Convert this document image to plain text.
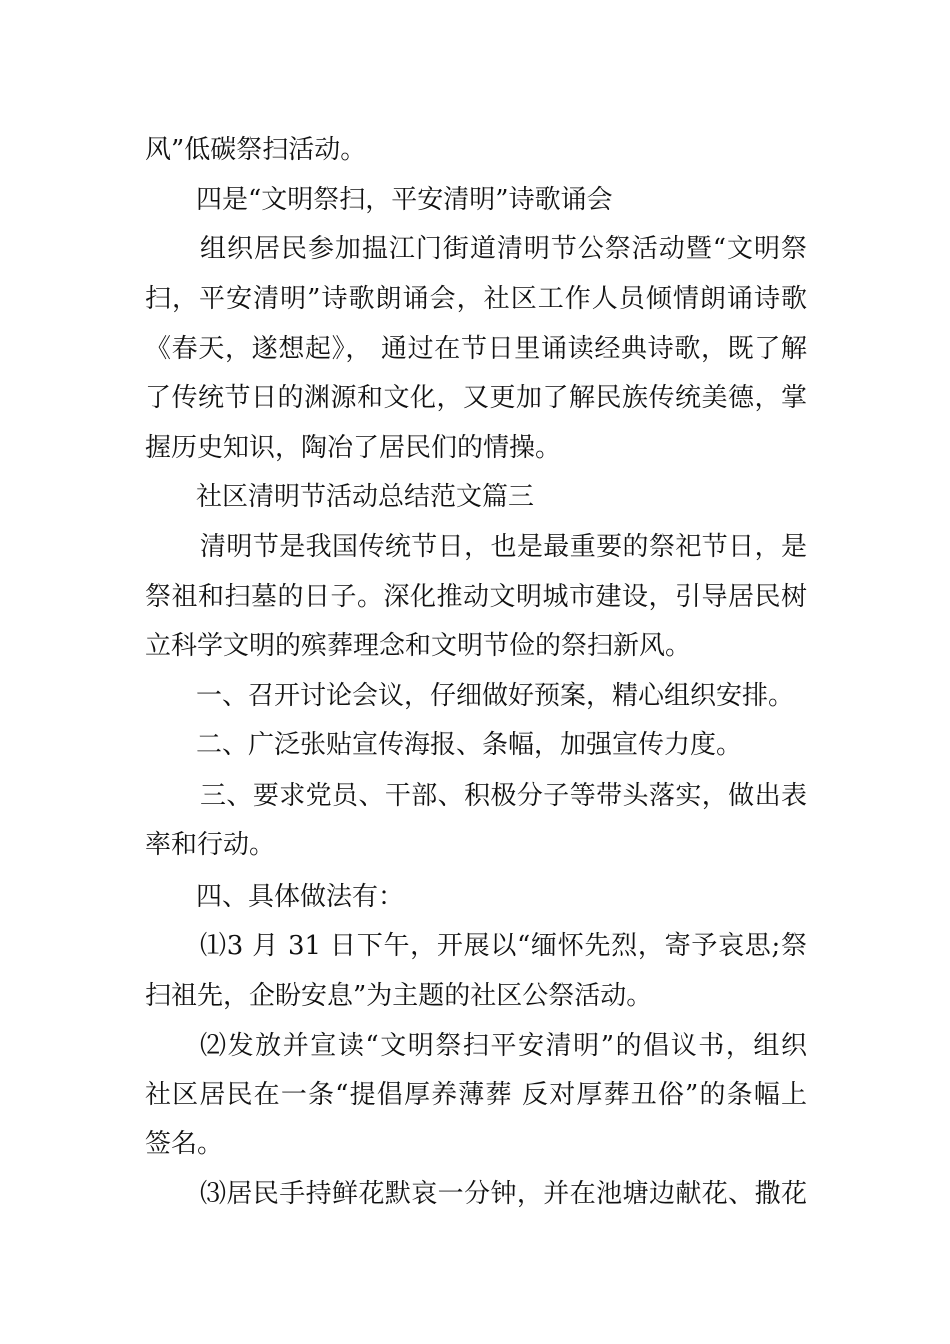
风”低碳祭扫活动。
四是“文明祭扫，平安清明”诗歌诵会
组织居民参加揾江门街道清明节公祭活动暨“文明祭
扫，平安清明”诗歌朗诵会，社区工作人员倾情朗诵诗歌
《春天，遂想起》， 通过在节日里诵读经典诗歌，既了解
了传统节日的渊源和文化，又更加了解民族传统美德，掌
握历史知识，陶冶了居民们的情操。
社区清明节活动总结范文篇三
清明节是我国传统节日，也是最重要的祭祀节日，是
祭祖和扫墓的日子。深化推动文明城市建设，引导居民树
立科学文明的殡葬理念和文明节俭的祭扫新风。
一、召开讨论会议，仔细做好预案，精心组织安排。
二、广泛张贴宣传海报、条幅，加强宣传力度。
三、要求党员、干部、积极分子等带头落实，做出表
率和行动。
四、具体做法有：
⑴3 月 31 日下午，开展以“缅怀先烈，寄予哀思;祭
扫祖先，企盼安息”为主题的社区公祭活动。
⑵发放并宣读“文明祭扫平安清明”的倡议书，组织
社区居民在一条“提倡厚养薄葬 反对厚葬丑俗”的条幅上
签名。
⑶居民手持鲜花默哀一分钟，并在池塘边献花、撒花
